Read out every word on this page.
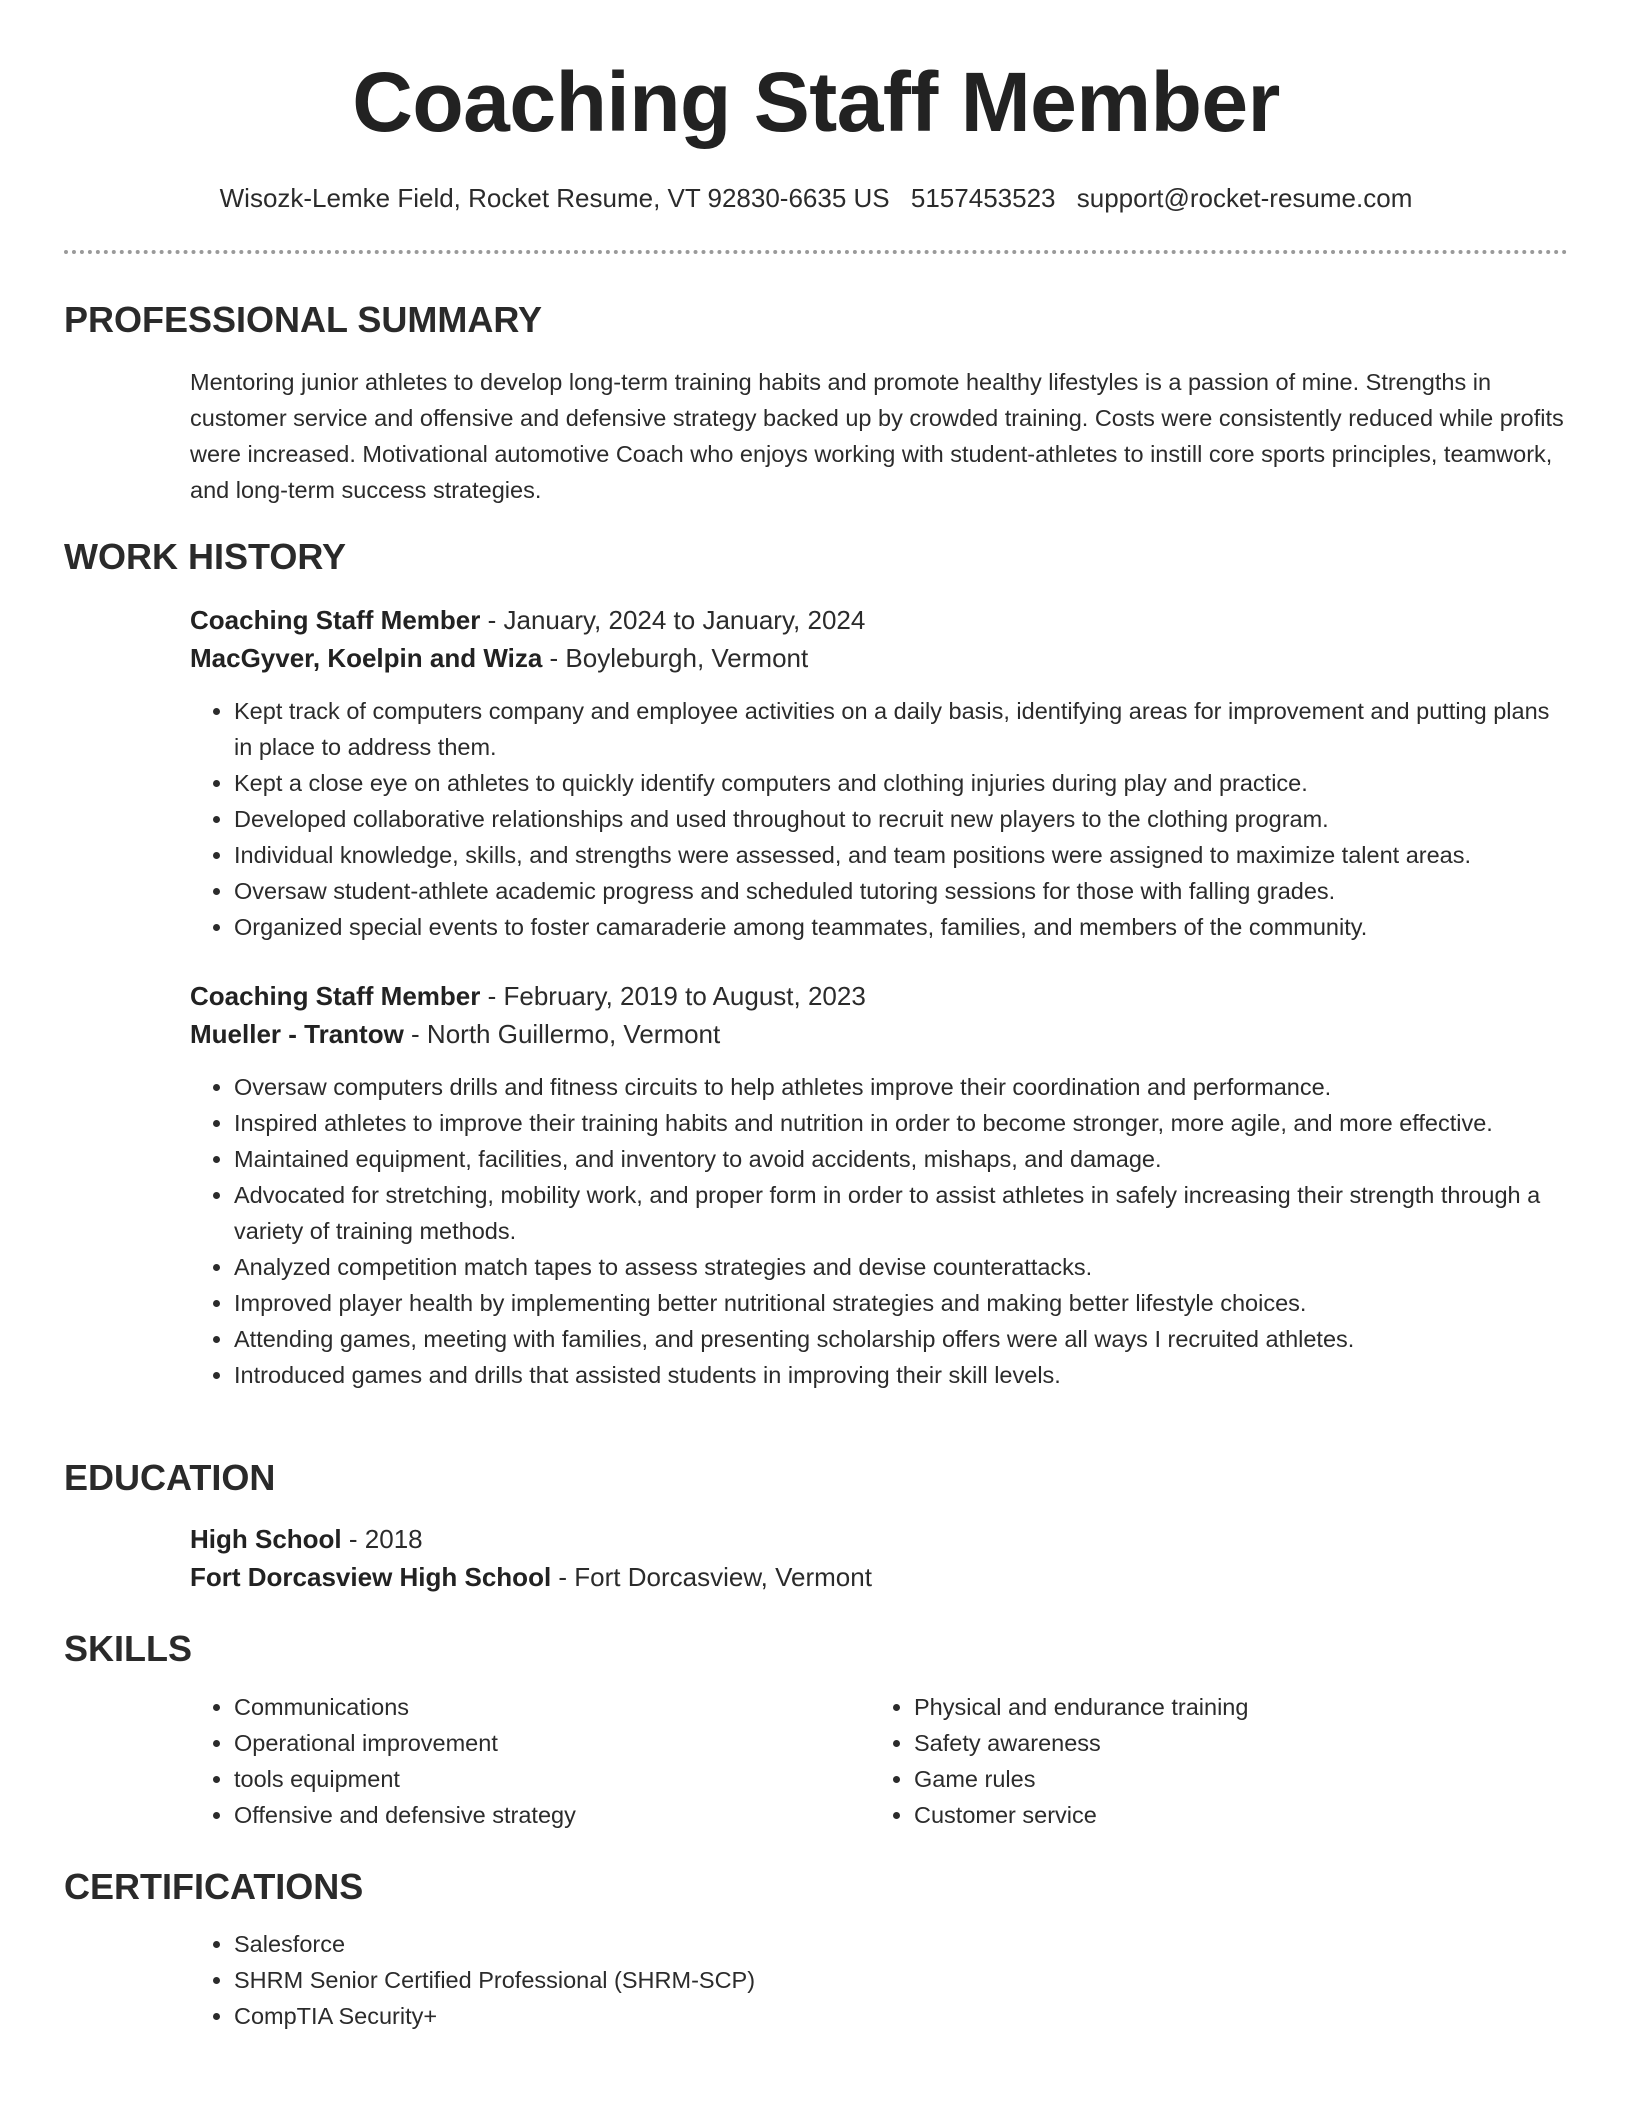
Coaching Staff Member
Wisozk-Lemke Field, Rocket Resume, VT 92830-6635 US 5157453523 support@rocket-resume.com
PROFESSIONAL SUMMARY
Mentoring junior athletes to develop long-term training habits and promote healthy lifestyles is a passion of mine. Strengths in customer service and offensive and defensive strategy backed up by crowded training. Costs were consistently reduced while profits were increased. Motivational automotive Coach who enjoys working with student-athletes to instill core sports principles, teamwork, and long-term success strategies.
WORK HISTORY
Coaching Staff Member - January, 2024 to January, 2024
MacGyver, Koelpin and Wiza - Boyleburgh, Vermont
• Kept track of computers company and employee activities on a daily basis, identifying areas for improvement and putting plans in place to address them.
• Kept a close eye on athletes to quickly identify computers and clothing injuries during play and practice.
• Developed collaborative relationships and used throughout to recruit new players to the clothing program.
• Individual knowledge, skills, and strengths were assessed, and team positions were assigned to maximize talent areas.
• Oversaw student-athlete academic progress and scheduled tutoring sessions for those with falling grades.
• Organized special events to foster camaraderie among teammates, families, and members of the community.
Coaching Staff Member - February, 2019 to August, 2023
Mueller - Trantow - North Guillermo, Vermont
• Oversaw computers drills and fitness circuits to help athletes improve their coordination and performance.
• Inspired athletes to improve their training habits and nutrition in order to become stronger, more agile, and more effective.
• Maintained equipment, facilities, and inventory to avoid accidents, mishaps, and damage.
• Advocated for stretching, mobility work, and proper form in order to assist athletes in safely increasing their strength through a variety of training methods.
• Analyzed competition match tapes to assess strategies and devise counterattacks.
• Improved player health by implementing better nutritional strategies and making better lifestyle choices.
• Attending games, meeting with families, and presenting scholarship offers were all ways I recruited athletes.
• Introduced games and drills that assisted students in improving their skill levels.
EDUCATION
High School - 2018
Fort Dorcasview High School - Fort Dorcasview, Vermont
SKILLS
• Communications
• Operational improvement
• tools equipment
• Offensive and defensive strategy
• Physical and endurance training
• Safety awareness
• Game rules
• Customer service
CERTIFICATIONS
• Salesforce
• SHRM Senior Certified Professional (SHRM-SCP)
• CompTIA Security+
